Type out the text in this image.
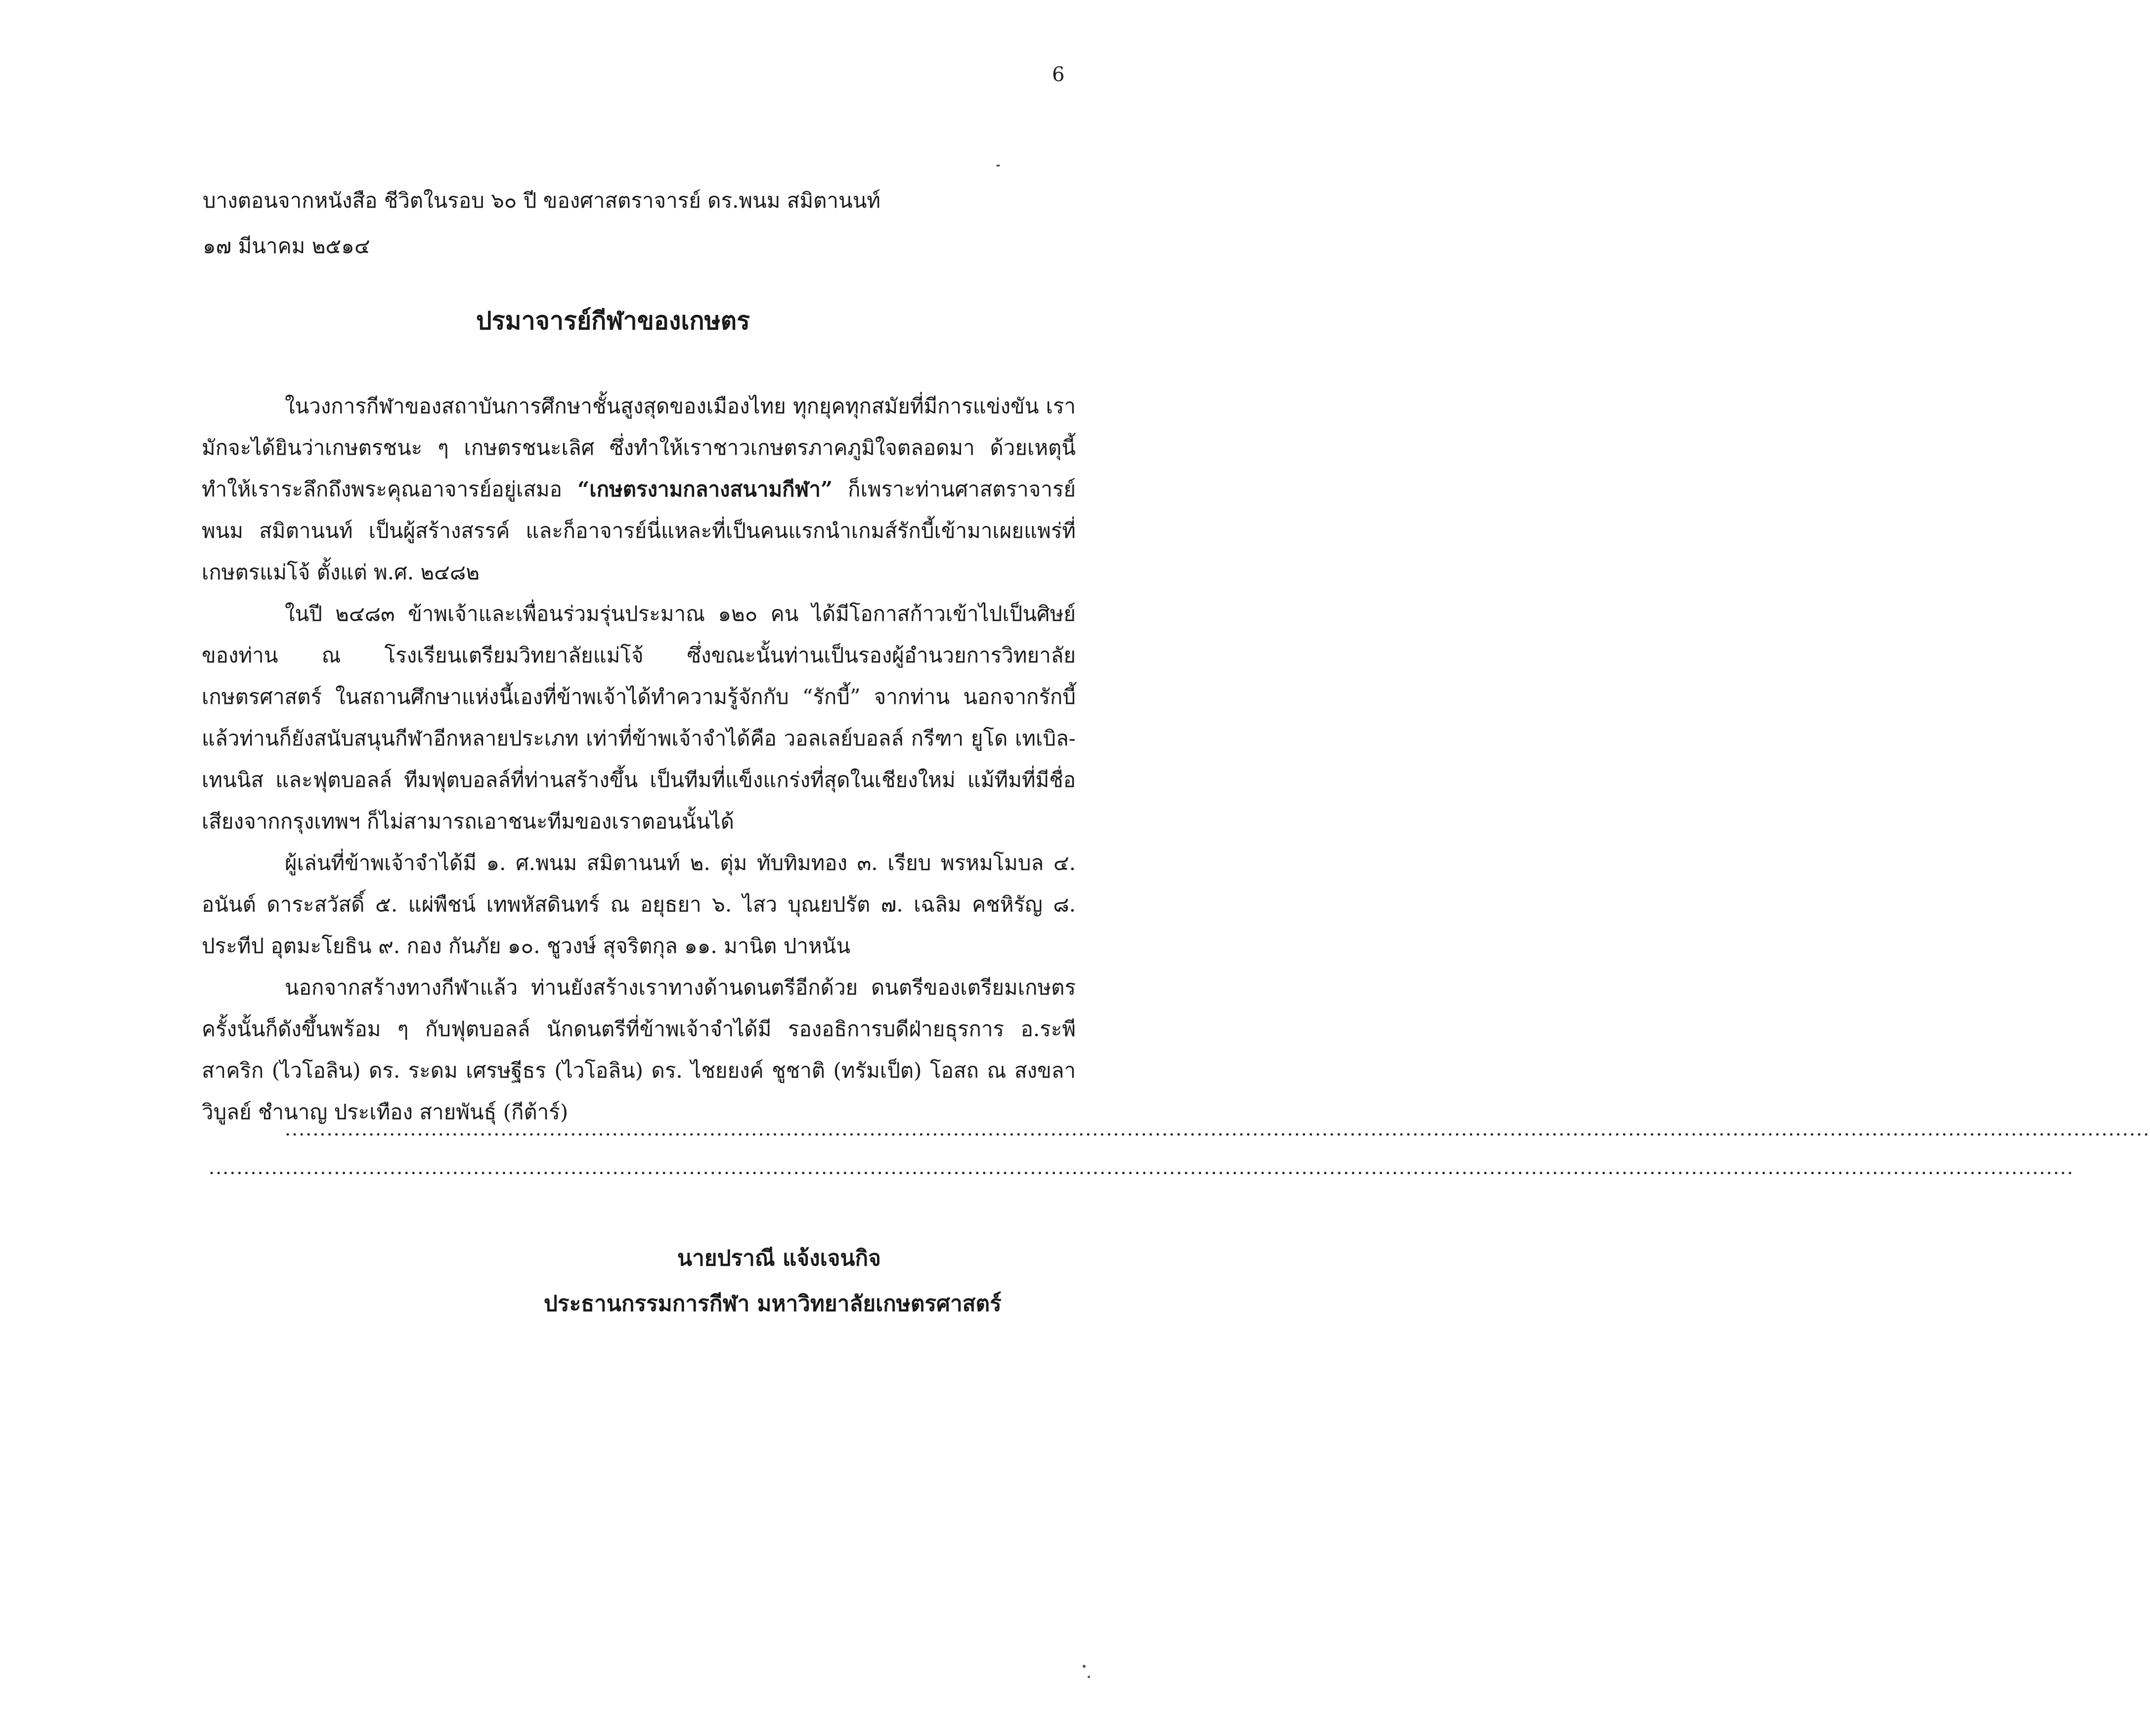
6
บางตอนจากหนังสือ ชีวิตในรอบ ๖๐ ปี ของศาสตราจารย์ ดร.พนม สมิตานนท์
๑๗ มีนาคม ๒๕๑๔
ปรมาจารย์กีฬาของเกษตร

ในวงการกีฬาของสถาบันการศึกษาชั้นสูงสุดของเมืองไทย ทุกยุคทุกสมัยที่มีการแข่งขัน เรามักจะได้ยินว่าเกษตรชนะ ๆ เกษตรชนะเลิศ ซึ่งทำให้เราชาวเกษตรภาคภูมิใจตลอดมา ด้วยเหตุนี้ทำให้เราระลึกถึงพระคุณอาจารย์อยู่เสมอ “เกษตรงามกลางสนามกีฬา” ก็เพราะท่านศาสตราจารย์พนม สมิตานนท์ เป็นผู้สร้างสรรค์ และก็อาจารย์นี่แหละที่เป็นคนแรกนำเกมส์รักบี้เข้ามาเผยแพร่ที่เกษตรแม่โจ้ ตั้งแต่ พ.ศ. ๒๔๘๒

ในปี ๒๔๘๓ ข้าพเจ้าและเพื่อนร่วมรุ่นประมาณ ๑๒๐ คน ได้มีโอกาสก้าวเข้าไปเป็นศิษย์ของท่าน ณ โรงเรียนเตรียมวิทยาลัยแม่โจ้ ซึ่งขณะนั้นท่านเป็นรองผู้อำนวยการวิทยาลัยเกษตรศาสตร์ ในสถานศึกษาแห่งนี้เองที่ข้าพเจ้าได้ทำความรู้จักกับ “รักบี้” จากท่าน นอกจากรักบี้แล้วท่านก็ยังสนับสนุนกีฬาอีกหลายประเภท เท่าที่ข้าพเจ้าจำได้คือ วอลเลย์บอลล์ กรีฑา ยูโด เทเบิล-เทนนิส และฟุตบอลล์ ทีมฟุตบอลล์ที่ท่านสร้างขึ้น เป็นทีมที่แข็งแกร่งที่สุดในเชียงใหม่ แม้ทีมที่มีชื่อเสียงจากกรุงเทพฯ ก็ไม่สามารถเอาชนะทีมของเราตอนนั้นได้

ผู้เล่นที่ข้าพเจ้าจำได้มี ๑. ศ.พนม สมิตานนท์ ๒. ตุ่ม ทับทิมทอง ๓. เรียบ พรหมโมบล ๔. อนันต์ ดาระสวัสดิ์ ๕. แผ่พืชน์ เทพหัสดินทร์ ณ อยุธยา ๖. ไสว บุณยปรัต ๗. เฉลิม คชหิรัญ ๘. ประทีป อุตมะโยธิน ๙. กอง กันภัย ๑๐. ชูวงษ์ สุจริตกุล ๑๑. มานิต ปาหนัน

นอกจากสร้างทางกีฬาแล้ว ท่านยังสร้างเราทางด้านดนตรีอีกด้วย ดนตรีของเตรียมเกษตรครั้งนั้นก็ดังขึ้นพร้อม ๆ กับฟุตบอลล์ นักดนตรีที่ข้าพเจ้าจำได้มี รองอธิการบดีฝ่ายธุรการ อ.ระพี สาคริก (ไวโอลิน) ดร. ระดม เศรษฐีธร (ไวโอลิน) ดร. ไชยยงค์ ชูชาติ (ทรัมเป็ต) โอสถ ณ สงขลา วิบูลย์ ชำนาญ ประเทือง สายพันธุ์ (กีต้าร์)

............................................................................................................................................................................................................................................................................
............................................................................................................................................................................................................................................................................
นายปราณี แจ้งเจนกิจ
ประธานกรรมการกีฬา มหาวิทยาลัยเกษตรศาสตร์
